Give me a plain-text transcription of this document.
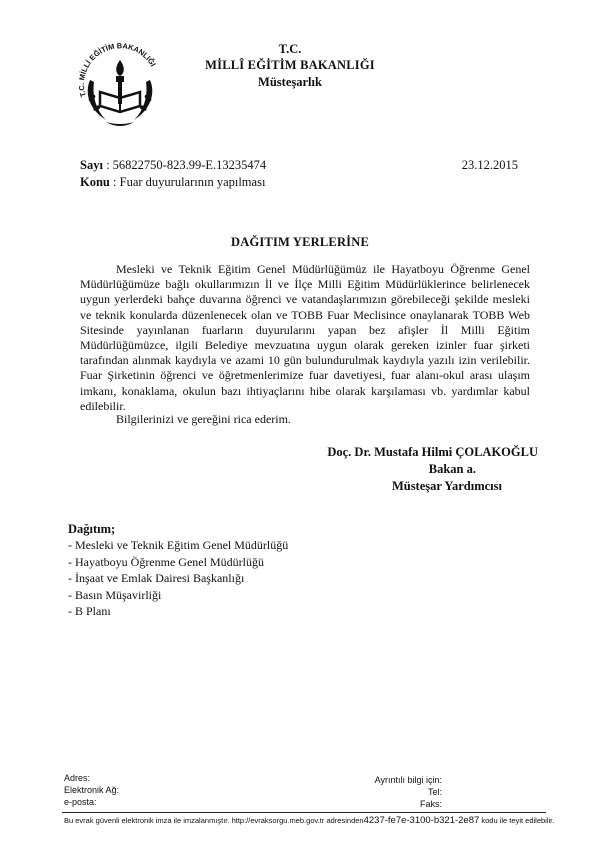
T.C. MİLLİ EĞİTİM BAKANLIĞI
T.C.
MİLLÎ EĞİTİM BAKANLIĞI
Müsteşarlık
Sayı : 56822750-823.99-E.13235474
Konu : Fuar duyurularının yapılması
23.12.2015
DAĞITIM YERLERİNE

Mesleki ve Teknik Eğitim Genel Müdürlüğümüz ile Hayatboyu Öğrenme Genel Müdürlüğümüze bağlı okullarımızın İl ve İlçe Milli Eğitim Müdürlüklerince belirlenecek uygun yerlerdeki bahçe duvarına öğrenci ve vatandaşlarımızın görebileceği şekilde mesleki ve teknik konularda düzenlenecek olan ve TOBB Fuar Meclisince onaylanarak TOBB Web Sitesinde yayınlanan fuarların duyurularını yapan bez afişler İl Milli Eğitim Müdürlüğümüzce, ilgili Belediye mevzuatına uygun olarak gereken izinler fuar şirketi tarafından alınmak kaydıyla ve azami 10 gün bulundurulmak kaydıyla yazılı izin verilebilir. Fuar Şirketinin öğrenci ve öğretmenlerimize fuar davetiyesi, fuar alanı-okul arası ulaşım imkanı, konaklama, okulun bazı ihtiyaçlarını hibe olarak karşılaması vb. yardımlar kabul edilebilir.

Bilgilerinizi ve gereğini rica ederim.
Doç. Dr. Mustafa Hilmi ÇOLAKOĞLU
Bakan a.
Müsteşar Yardımcısı
Dağıtım;
- Mesleki ve Teknik Eğitim Genel Müdürlüğü
- Hayatboyu Öğrenme Genel Müdürlüğü
- İnşaat ve Emlak Dairesi Başkanlığı
- Basın Müşavirliği
- B Planı
Adres:
Elektronik Ağ:
e-posta:
Ayrıntılı bilgi için:
Tel:
Faks:
Bu evrak güvenli elektronik imza ile imzalanmıştır. http://evraksorgu.meb.gov.tr adresinden4237-fe7e-3100-b321-2e87 kodu ile teyit edilebilir.
